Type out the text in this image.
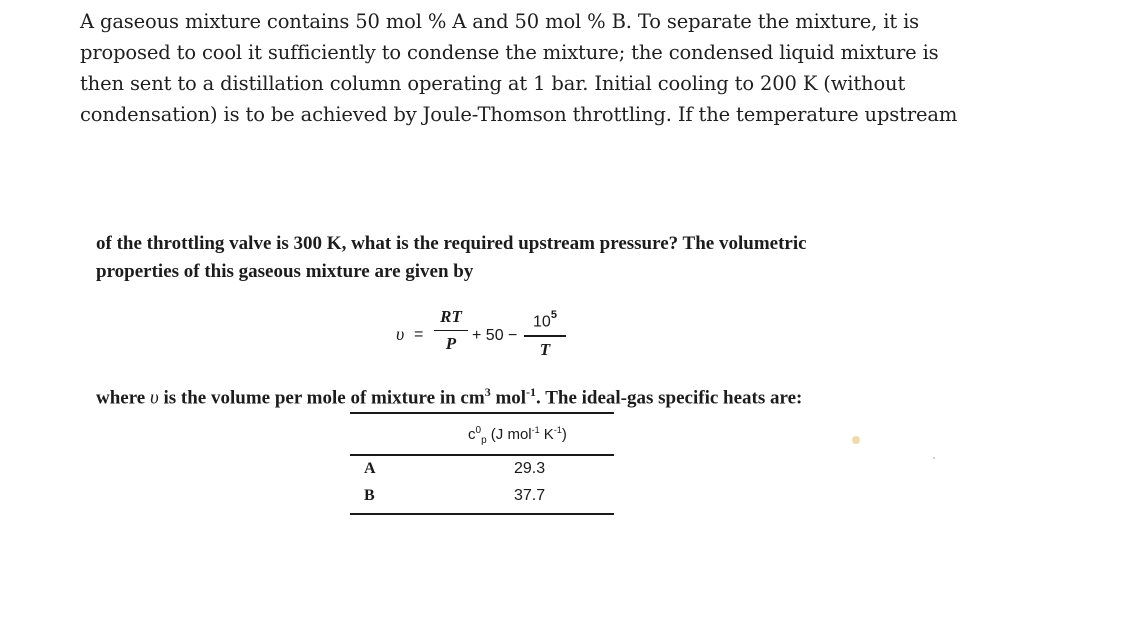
A gaseous mixture contains 50 mol % A and 50 mol % B. To separate the mixture, it is
proposed to cool it sufficiently to condense the mixture; the condensed liquid mixture is
then sent to a distillation column operating at 1 bar. Initial cooling to 200 K (without
condensation) is to be achieved by Joule-Thomson throttling. If the temperature upstream
of the throttling valve is 300 K, what is the required upstream pressure? The volumetric
properties of this gaseous mixture are given by
υ =
RT
P + 50 −
$10^5$
T
where υ is the volume per mole of mixture in $cm^3$ mol$^{-1}$. The ideal-gas specific heats are:
$c^0_p$ (J mol$^{-1}$ $K^{-1}$)
A	29.3
B	37.7
